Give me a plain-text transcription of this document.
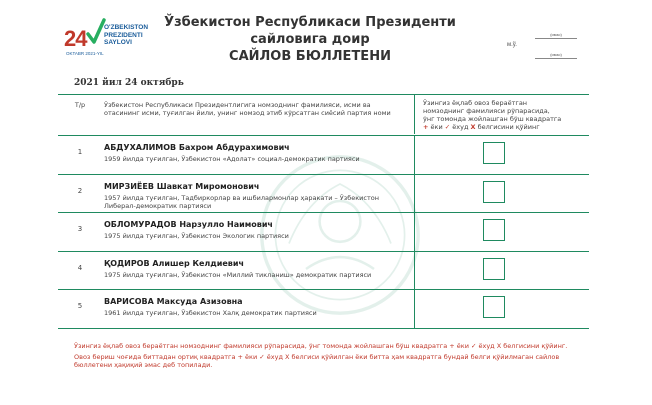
24	O'ZBEKISTON
PREZIDENTI
SAYLOVI
OKTABR 2021-YIL
Ўзбекистон Республикаси Президенти
сайловига доир
САЙЛОВ БЮЛЛЕТЕНИ
(имзо)
м.ў.
(имзо)
2021 йил 24 октябрь
Т/р	Ўзбекистон Республикаси Президентлигига номзоднинг фамилияси, исми ва отасининг исми, туғилган йили, унинг номзод этиб кўрсатган сиёсий партия номи
Ўзингиз ёқлаб овоз берaётган
номзоднинг фамилияси рўпарасида,
ўнг томонда жойлашган бўш квадратга
+ ёки ✓ ёхуд X белгисини қўйинг
1	АБДУХАЛИМОВ Бахром Абдурахимович
1959 йилда туғилган, Ўзбекистон «Адолат» социал-демократик партияси
2	МИРЗИЁЕВ Шавкат Миромонович
1957 йилда туғилган, Тадбиркорлар ва ишбилармонлар ҳаракати – Ўзбекистон Либерал-демократик партияси
3	ОБЛОМУРАДОВ Нарзулло Наимович
1975 йилда туғилган, Ўзбекистон Экологик партияси
4	ҚОДИРОВ Алишер Келдиевич
1975 йилда туғилган, Ўзбекистон «Миллий тикланиш» демократик партияси
5	ВАРИСОВА Максуда Азизовна
1961 йилда туғилган, Ўзбекистон Халқ демократик партияси

Ўзингиз ёқлаб овоз берaётган номзоднинг фамилияси рўпарасида, ўнг томонда жойлашган бўш квадратга + ёки ✓ ёхуд X белгисини қўйинг.

Овоз бериш чоғида биттадан ортиқ квадратга + ёки ✓ ёхуд X белгиси қўйилган ёки битта ҳам квадратга бундай белги қўйилмаган сайлов бюллетени ҳақиқий эмас деб топилади.
